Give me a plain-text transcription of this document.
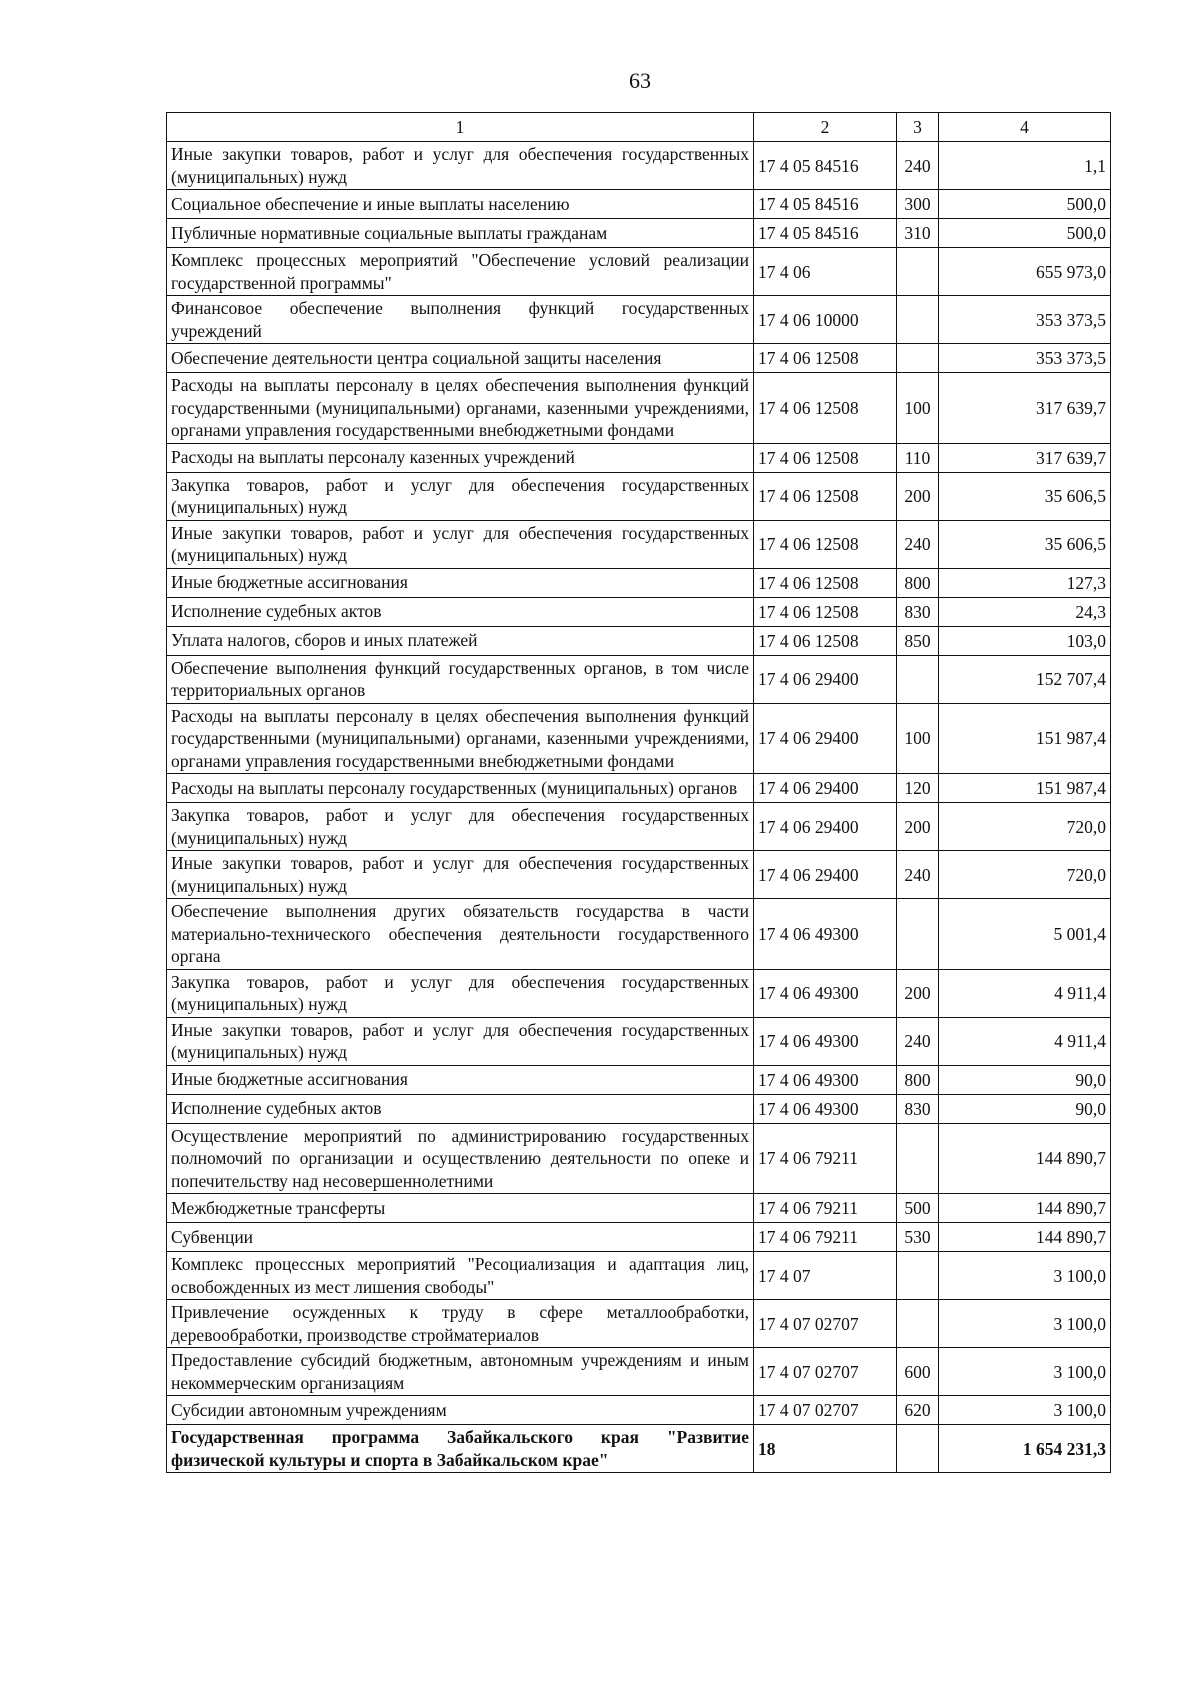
63
1	2	3	4
Иные закупки товаров, работ и услуг для обеспечения государственных (муниципальных) нужд	17 4 05 84516	240	1,1
Социальное обеспечение и иные выплаты населению	17 4 05 84516	300	500,0
Публичные нормативные социальные выплаты гражданам	17 4 05 84516	310	500,0
Комплекс процессных мероприятий "Обеспечение условий реализации государственной программы"	17 4 06		655 973,0
Финансовое обеспечение выполнения функций государственных учреждений	17 4 06 10000		353 373,5
Обеспечение деятельности центра социальной защиты населения	17 4 06 12508		353 373,5
Расходы на выплаты персоналу в целях обеспечения выполнения функций государственными (муниципальными) органами, казенными учреждениями, органами управления государственными внебюджетными фондами	17 4 06 12508	100	317 639,7
Расходы на выплаты персоналу казенных учреждений	17 4 06 12508	110	317 639,7
Закупка товаров, работ и услуг для обеспечения государственных (муниципальных) нужд	17 4 06 12508	200	35 606,5
Иные закупки товаров, работ и услуг для обеспечения государственных (муниципальных) нужд	17 4 06 12508	240	35 606,5
Иные бюджетные ассигнования	17 4 06 12508	800	127,3
Исполнение судебных актов	17 4 06 12508	830	24,3
Уплата налогов, сборов и иных платежей	17 4 06 12508	850	103,0
Обеспечение выполнения функций государственных органов, в том числе территориальных органов	17 4 06 29400		152 707,4
Расходы на выплаты персоналу в целях обеспечения выполнения функций государственными (муниципальными) органами, казенными учреждениями, органами управления государственными внебюджетными фондами	17 4 06 29400	100	151 987,4
Расходы на выплаты персоналу государственных (муниципальных) органов	17 4 06 29400	120	151 987,4
Закупка товаров, работ и услуг для обеспечения государственных (муниципальных) нужд	17 4 06 29400	200	720,0
Иные закупки товаров, работ и услуг для обеспечения государственных (муниципальных) нужд	17 4 06 29400	240	720,0
Обеспечение выполнения других обязательств государства в части материально-технического обеспечения деятельности государственного органа	17 4 06 49300		5 001,4
Закупка товаров, работ и услуг для обеспечения государственных (муниципальных) нужд	17 4 06 49300	200	4 911,4
Иные закупки товаров, работ и услуг для обеспечения государственных (муниципальных) нужд	17 4 06 49300	240	4 911,4
Иные бюджетные ассигнования	17 4 06 49300	800	90,0
Исполнение судебных актов	17 4 06 49300	830	90,0
Осуществление мероприятий по администрированию государственных полномочий по организации и осуществлению деятельности по опеке и попечительству над несовершеннолетними	17 4 06 79211		144 890,7
Межбюджетные трансферты	17 4 06 79211	500	144 890,7
Субвенции	17 4 06 79211	530	144 890,7
Комплекс процессных мероприятий "Ресоциализация и адаптация лиц, освобожденных из мест лишения свободы"	17 4 07		3 100,0
Привлечение осужденных к труду в сфере металлообработки, деревообработки, производстве стройматериалов	17 4 07 02707		3 100,0
Предоставление субсидий бюджетным, автономным учреждениям и иным некоммерческим организациям	17 4 07 02707	600	3 100,0
Субсидии автономным учреждениям	17 4 07 02707	620	3 100,0
Государственная программа Забайкальского края "Развитие физической культуры и спорта в Забайкальском крае"	18		1 654 231,3
